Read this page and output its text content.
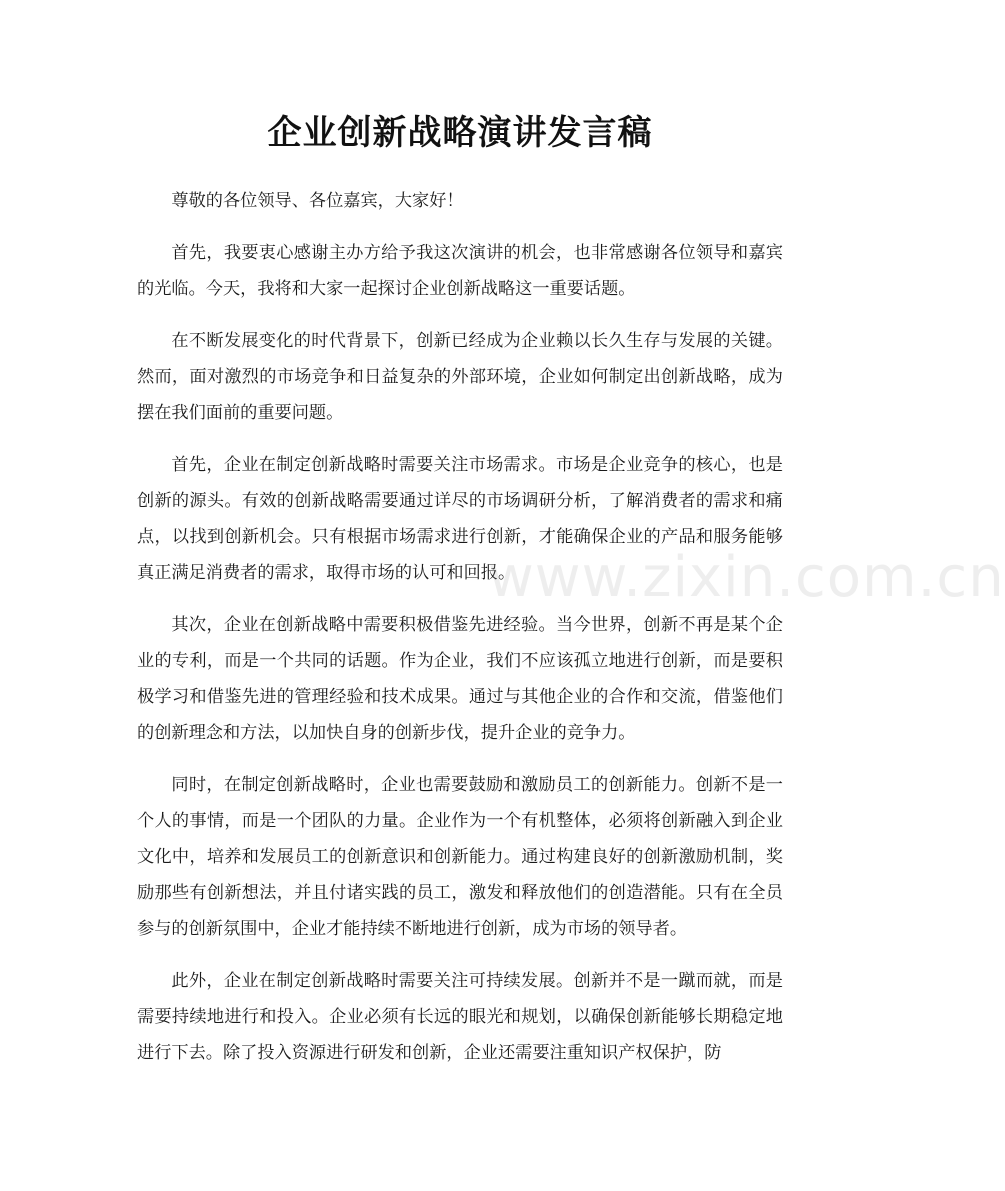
企业创新战略演讲发言稿

尊敬的各位领导、各位嘉宾，大家好！

首先，我要衷心感谢主办方给予我这次演讲的机会，也非常感谢各位领导和嘉宾的光临。今天，我将和大家一起探讨企业创新战略这一重要话题。

在不断发展变化的时代背景下，创新已经成为企业赖以长久生存与发展的关键。然而，面对激烈的市场竞争和日益复杂的外部环境，企业如何制定出创新战略，成为摆在我们面前的重要问题。

首先，企业在制定创新战略时需要关注市场需求。市场是企业竞争的核心，也是创新的源头。有效的创新战略需要通过详尽的市场调研分析，了解消费者的需求和痛点，以找到创新机会。只有根据市场需求进行创新，才能确保企业的产品和服务能够真正满足消费者的需求，取得市场的认可和回报。

其次，企业在创新战略中需要积极借鉴先进经验。当今世界，创新不再是某个企业的专利，而是一个共同的话题。作为企业，我们不应该孤立地进行创新，而是要积极学习和借鉴先进的管理经验和技术成果。通过与其他企业的合作和交流，借鉴他们的创新理念和方法，以加快自身的创新步伐，提升企业的竞争力。

同时，在制定创新战略时，企业也需要鼓励和激励员工的创新能力。创新不是一个人的事情，而是一个团队的力量。企业作为一个有机整体，必须将创新融入到企业文化中，培养和发展员工的创新意识和创新能力。通过构建良好的创新激励机制，奖励那些有创新想法，并且付诸实践的员工，激发和释放他们的创造潜能。只有在全员参与的创新氛围中，企业才能持续不断地进行创新，成为市场的领导者。

此外，企业在制定创新战略时需要关注可持续发展。创新并不是一蹴而就，而是需要持续地进行和投入。企业必须有长远的眼光和规划，以确保创新能够长期稳定地进行下去。除了投入资源进行研发和创新，企业还需要注重知识产权保护，防

www.zixin.com.cn
